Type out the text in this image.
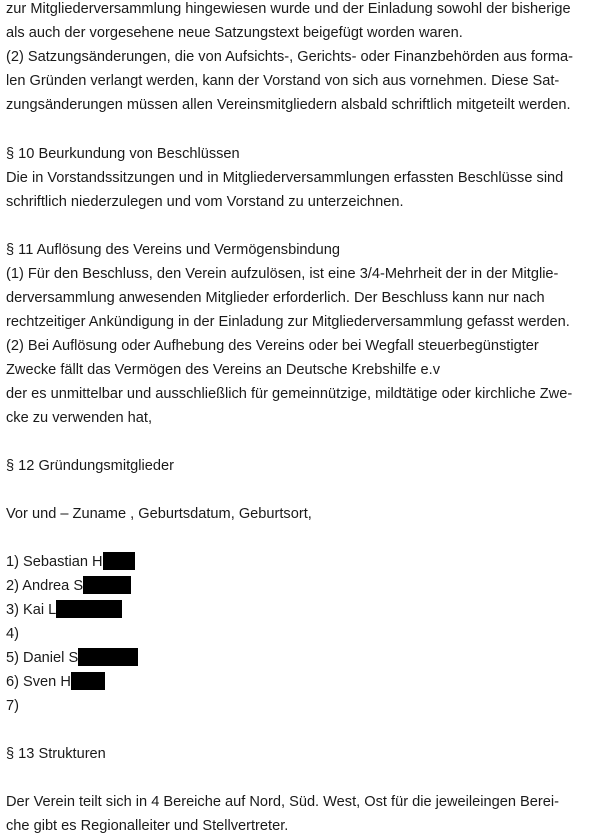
zur Mitgliederversammlung hingewiesen wurde und der Einladung sowohl der bisherige
als auch der vorgesehene neue Satzungstext beigefügt worden waren.
(2) Satzungsänderungen, die von Aufsichts-, Gerichts- oder Finanzbehörden aus forma-
len Gründen verlangt werden, kann der Vorstand von sich aus vornehmen. Diese Sat-
zungsänderungen müssen allen Vereinsmitgliedern alsbald schriftlich mitgeteilt werden.
§ 10 Beurkundung von Beschlüssen
Die in Vorstandssitzungen und in Mitgliederversammlungen erfassten Beschlüsse sind
schriftlich niederzulegen und vom Vorstand zu unterzeichnen.
§ 11 Auflösung des Vereins und Vermögensbindung
(1) Für den Beschluss, den Verein aufzulösen, ist eine 3/4-Mehrheit der in der Mitglie-
derversammlung anwesenden Mitglieder erforderlich. Der Beschluss kann nur nach
rechtzeitiger Ankündigung in der Einladung zur Mitgliederversammlung gefasst werden.
(2) Bei Auflösung oder Aufhebung des Vereins oder bei Wegfall steuerbegünstigter
Zwecke fällt das Vermögen des Vereins an Deutsche Krebshilfe e.v
der es unmittelbar und ausschließlich für gemeinnützige, mildtätige oder kirchliche Zwe-
cke zu verwenden hat,
§ 12 Gründungsmitglieder
Vor und – Zuname , Geburtsdatum, Geburtsort,
1) Sebastian H
2) Andrea S
3) Kai L
4)
5) Daniel S
6) Sven H
7)
§ 13 Strukturen
Der Verein teilt sich in 4 Bereiche auf Nord, Süd. West, Ost für die jeweileingen Berei-
che gibt es Regionalleiter und Stellvertreter.
